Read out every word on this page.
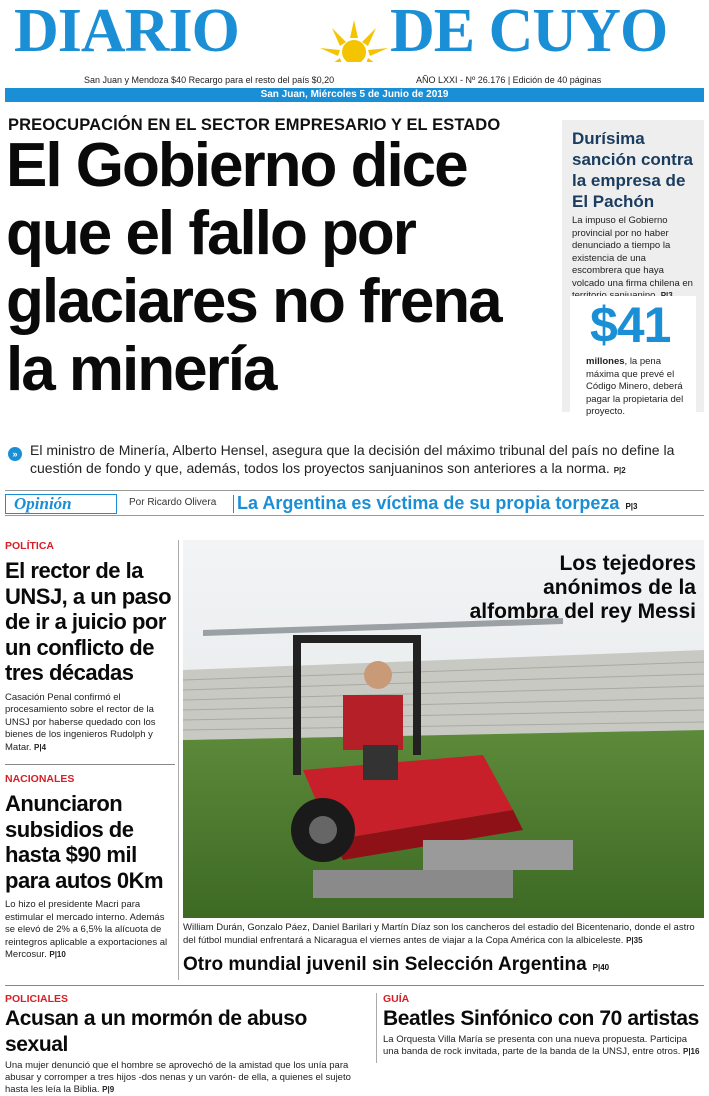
DIARIO DE CUYO
San Juan y Mendoza $40 Recargo para el resto del país $0,20	AÑO LXXI - Nº 26.176 | Edición de 40 páginas
San Juan, Miércoles 5 de Junio de 2019
PREOCUPACIÓN EN EL SECTOR EMPRESARIO Y EL ESTADO
El Gobierno dice que el fallo por glaciares no frena la minería
Durísima sanción contra la empresa de El Pachón
La impuso el Gobierno provincial por no haber denunciado a tiempo la existencia de una escombrera que haya volcado una firma chilena en
$41
millones, la pena máxima que prevé el Código Minero, deberá pagar la propietaria del proyecto.
» El ministro de Minería, Alberto Hensel, asegura que la decisión del máximo tribunal del país no define la cuestión de fondo y que, además, todos los proyectos sanjuaninos son anteriores a la norma. P|2
Opinión	Por Ricardo Olivera La Argentina es víctima de su propia torpeza P|3
POLÍTICA
El rector de la UNSJ, a un paso de ir a juicio por un conflicto de tres décadas
Casación Penal confirmó el procesamiento sobre el rector de la UNSJ por haberse quedado con los bienes de los ingenieros Rudolph y Matar. P|4
NACIONALES
Anunciaron subsidios de hasta $90 mil para autos 0Km
Lo hizo el presidente Macri para estimular el mercado interno. Además se elevó de 2% a 6,5% la alícuota de reintegros aplicable a exportaciones al Mercosur. P|10
Los tejedores anónimos de la alfombra del rey Messi
William Durán, Gonzalo Páez, Daniel Barilari y Martín Díaz son los cancheros del estadio del Bicentenario, donde el astro del fútbol mundial enfrentará a Nicaragua el viernes antes de viajar a la Copa América con la albiceleste. P|35
Otro mundial juvenil sin Selección Argentina P|40
POLICIALES
Acusan a un mormón de abuso sexual
Una mujer denunció que el hombre se aprovechó de la amistad que los unía para abusar y corromper a tres hijos -dos nenas y un varón- de ella, a quienes el sujeto hasta les leía la Biblia. P|9
GUÍA
Beatles Sinfónico con 70 artistas
La Orquesta Villa María se presenta con una nueva propuesta. Participa una banda de rock invitada, parte de la banda de la UNSJ, entre otros. P|16
